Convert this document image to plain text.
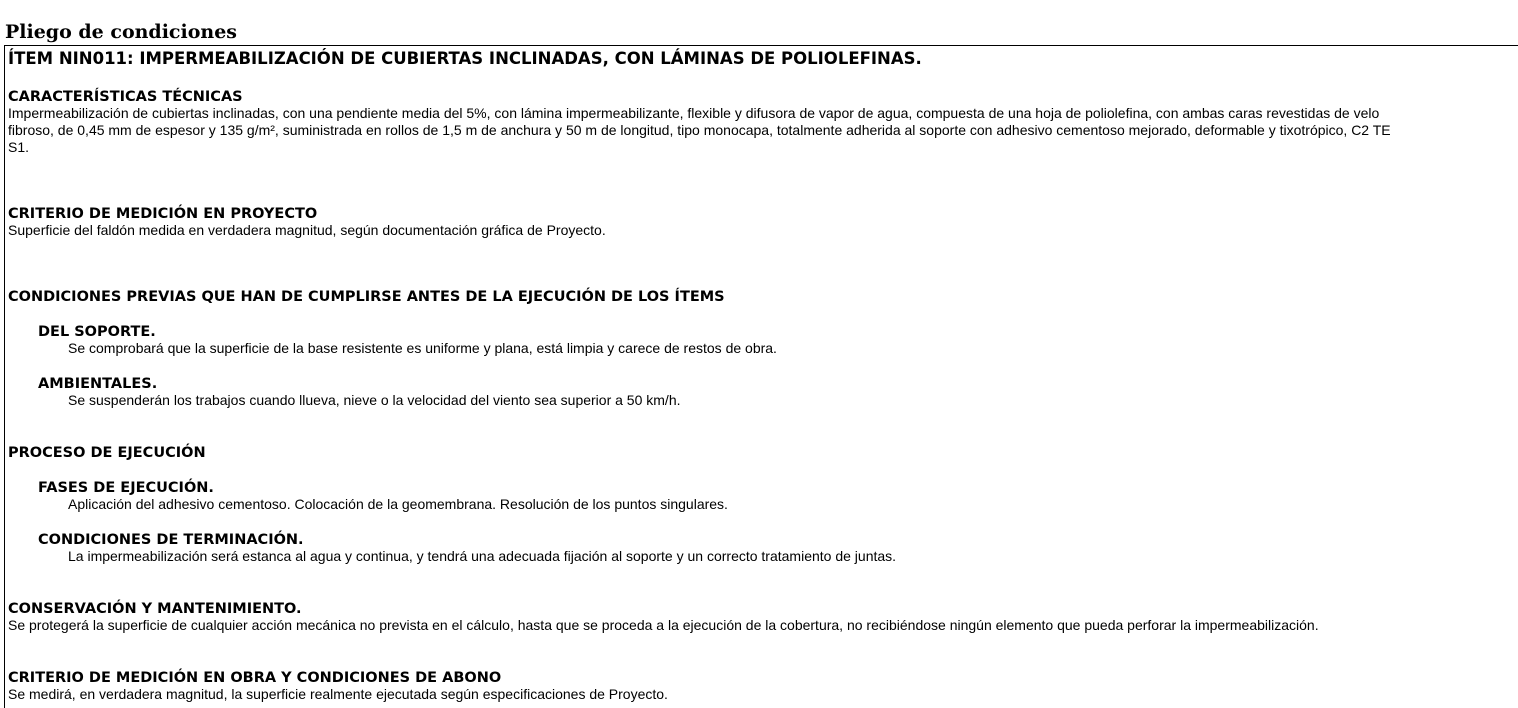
Pliego de condiciones
ÍTEM NIN011: IMPERMEABILIZACIÓN DE CUBIERTAS INCLINADAS, CON LÁMINAS DE POLIOLEFINAS.
CARACTERÍSTICAS TÉCNICAS
Impermeabilización de cubiertas inclinadas, con una pendiente media del 5%, con lámina impermeabilizante, flexible y difusora de vapor de agua, compuesta de una hoja de poliolefina, con ambas caras revestidas de velo
fibroso, de 0,45 mm de espesor y 135 g/m², suministrada en rollos de 1,5 m de anchura y 50 m de longitud, tipo monocapa, totalmente adherida al soporte con adhesivo cementoso mejorado, deformable y tixotrópico, C2 TE
S1.
CRITERIO DE MEDICIÓN EN PROYECTO
Superficie del faldón medida en verdadera magnitud, según documentación gráfica de Proyecto.
CONDICIONES PREVIAS QUE HAN DE CUMPLIRSE ANTES DE LA EJECUCIÓN DE LOS ÍTEMS
DEL SOPORTE.
Se comprobará que la superficie de la base resistente es uniforme y plana, está limpia y carece de restos de obra.
AMBIENTALES.
Se suspenderán los trabajos cuando llueva, nieve o la velocidad del viento sea superior a 50 km/h.
PROCESO DE EJECUCIÓN
FASES DE EJECUCIÓN.
Aplicación del adhesivo cementoso. Colocación de la geomembrana. Resolución de los puntos singulares.
CONDICIONES DE TERMINACIÓN.
La impermeabilización será estanca al agua y continua, y tendrá una adecuada fijación al soporte y un correcto tratamiento de juntas.
CONSERVACIÓN Y MANTENIMIENTO.
Se protegerá la superficie de cualquier acción mecánica no prevista en el cálculo, hasta que se proceda a la ejecución de la cobertura, no recibiéndose ningún elemento que pueda perforar la impermeabilización.
CRITERIO DE MEDICIÓN EN OBRA Y CONDICIONES DE ABONO
Se medirá, en verdadera magnitud, la superficie realmente ejecutada según especificaciones de Proyecto.
